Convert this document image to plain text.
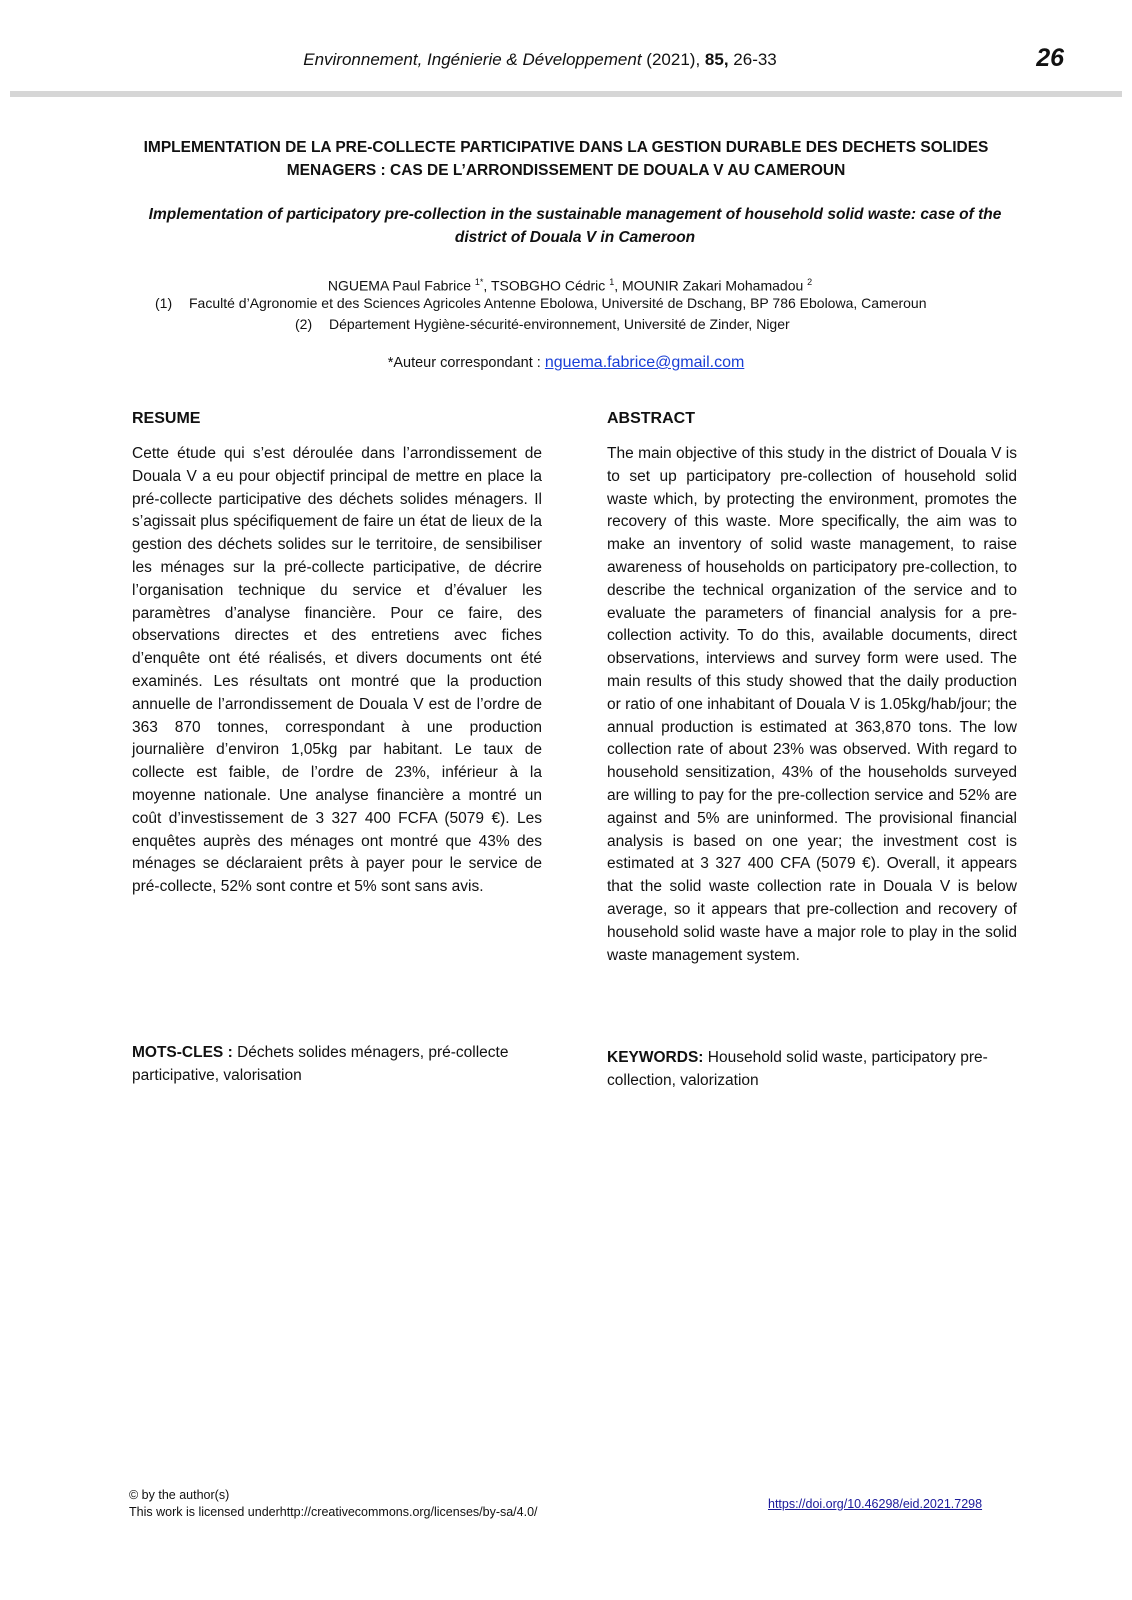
Environnement, Ingénierie & Développement (2021), 85, 26-33	26
IMPLEMENTATION DE LA PRE-COLLECTE PARTICIPATIVE DANS LA GESTION DURABLE DES DECHETS SOLIDES MENAGERS : CAS DE L’ARRONDISSEMENT DE DOUALA V AU CAMEROUN
Implementation of participatory pre-collection in the sustainable management of household solid waste: case of the district of Douala V in Cameroon
NGUEMA Paul Fabrice $^{1*}$, TSOBGHO Cédric $^1$, MOUNIR Zakari Mohamadou $^2$
(1) Faculté d’Agronomie et des Sciences Agricoles Antenne Ebolowa, Université de Dschang, BP 786 Ebolowa, Cameroun
(2) Département Hygiène-sécurité-environnement, Université de Zinder, Niger
*Auteur correspondant : nguema.fabrice@gmail.com
RESUME
Cette étude qui s’est déroulée dans l’arrondissement de Douala V a eu pour objectif principal de mettre en place la pré-collecte participative des déchets solides ménagers. Il s’agissait plus spécifiquement de faire un état de lieux de la gestion des déchets solides sur le territoire, de sensibiliser les ménages sur la pré-collecte participative, de décrire l’organisation technique du service et d’évaluer les paramètres d’analyse financière. Pour ce faire, des observations directes et des entretiens avec fiches d’enquête ont été réalisés, et divers documents ont été examinés. Les résultats ont montré que la production annuelle de l’arrondissement de Douala V est de l’ordre de 363 870 tonnes, correspondant à une production journalière d’environ 1,05kg par habitant. Le taux de collecte est faible, de l’ordre de 23%, inférieur à la moyenne nationale. Une analyse financière a montré un coût d’investissement de 3 327 400 FCFA (5079 €). Les enquêtes auprès des ménages ont montré que 43% des ménages se déclaraient prêts à payer pour le service de pré-collecte, 52% sont contre et 5% sont sans avis.
ABSTRACT
The main objective of this study in the district of Douala V is to set up participatory pre-collection of household solid waste which, by protecting the environment, promotes the recovery of this waste. More specifically, the aim was to make an inventory of solid waste management, to raise awareness of households on participatory pre-collection, to describe the technical organization of the service and to evaluate the parameters of financial analysis for a pre-collection activity. To do this, available documents, direct observations, interviews and survey form were used. The main results of this study showed that the daily production or ratio of one inhabitant of Douala V is 1.05kg/hab/jour; the annual production is estimated at 363,870 tons. The low collection rate of about 23% was observed. With regard to household sensitization, 43% of the households surveyed are willing to pay for the pre-collection service and 52% are against and 5% are uninformed. The provisional financial analysis is based on one year; the investment cost is estimated at 3 327 400 CFA (5079 €). Overall, it appears that the solid waste collection rate in Douala V is below average, so it appears that pre-collection and recovery of household solid waste have a major role to play in the solid waste management system.
MOTS-CLES : Déchets solides ménagers, pré-collecte participative, valorisation
KEYWORDS: Household solid waste, participatory pre-collection, valorization
© by the author(s)
This work is licensed underhttp://creativecommons.org/licenses/by-sa/4.0/
https://doi.org/10.46298/eid.2021.7298
